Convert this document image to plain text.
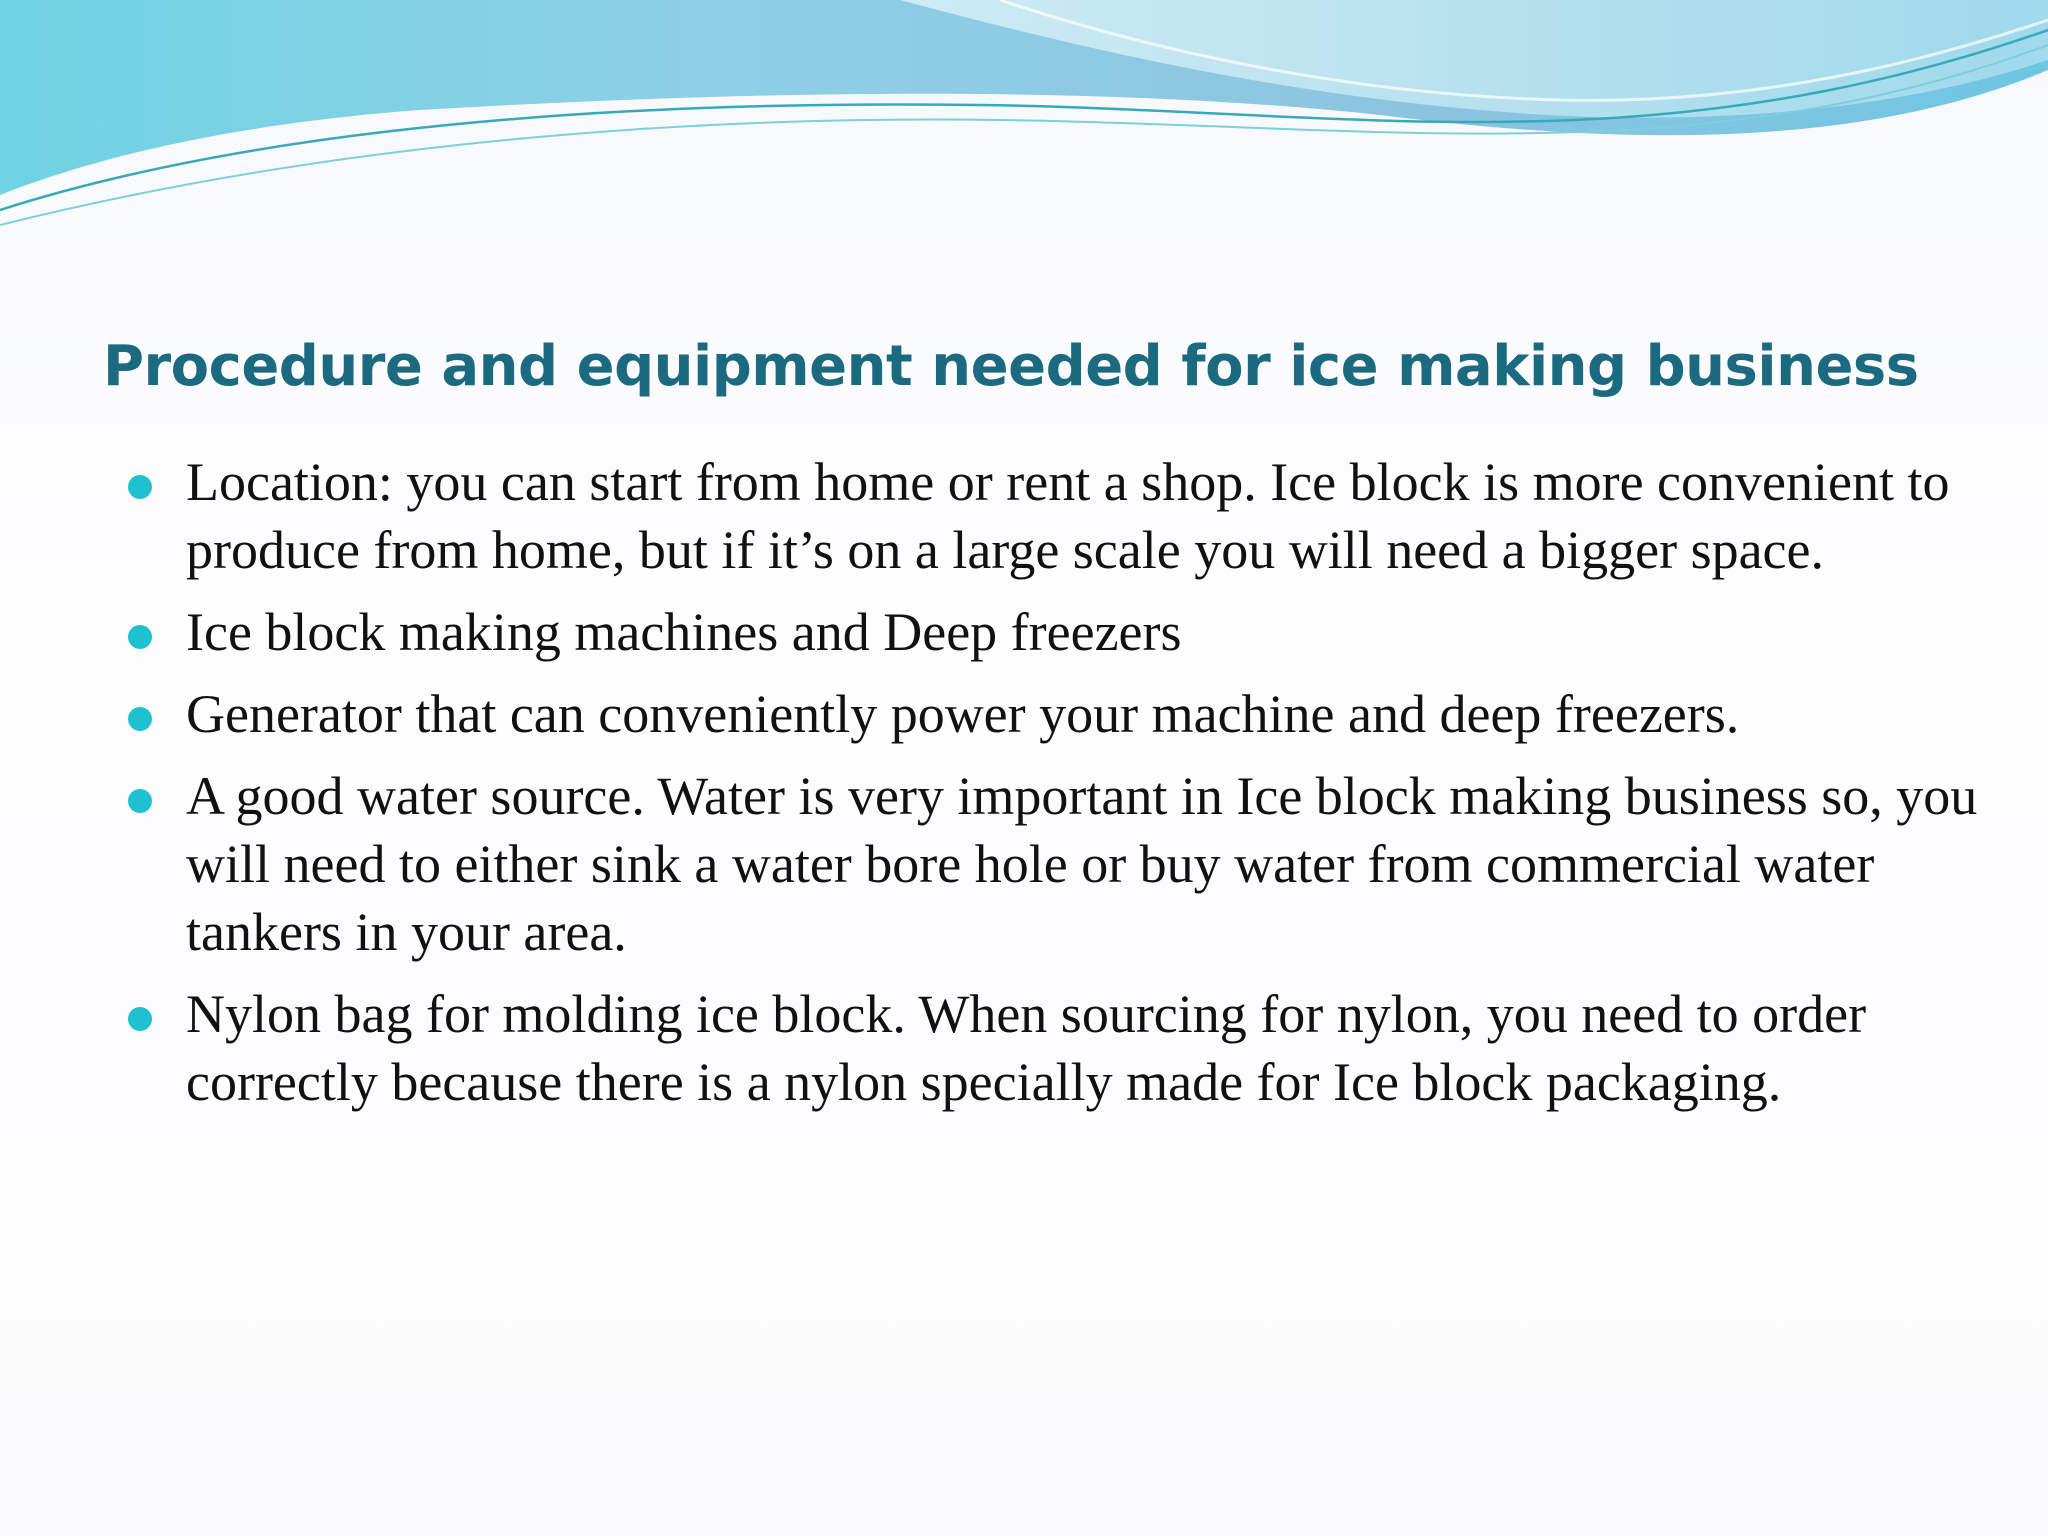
Procedure and equipment needed for ice making business
Location: you can start from home or rent a shop. Ice block is more convenient to produce from home, but if it’s on a large scale you will need a bigger space.
Ice block making machines and Deep freezers
Generator that can conveniently power your machine and deep freezers.
A good water source. Water is very important in Ice block making business so, you will need to either sink a water bore hole or buy water from commercial water tankers in your area.
Nylon bag for molding ice block. When sourcing for nylon, you need to order correctly because there is a nylon specially made for Ice block packaging.
